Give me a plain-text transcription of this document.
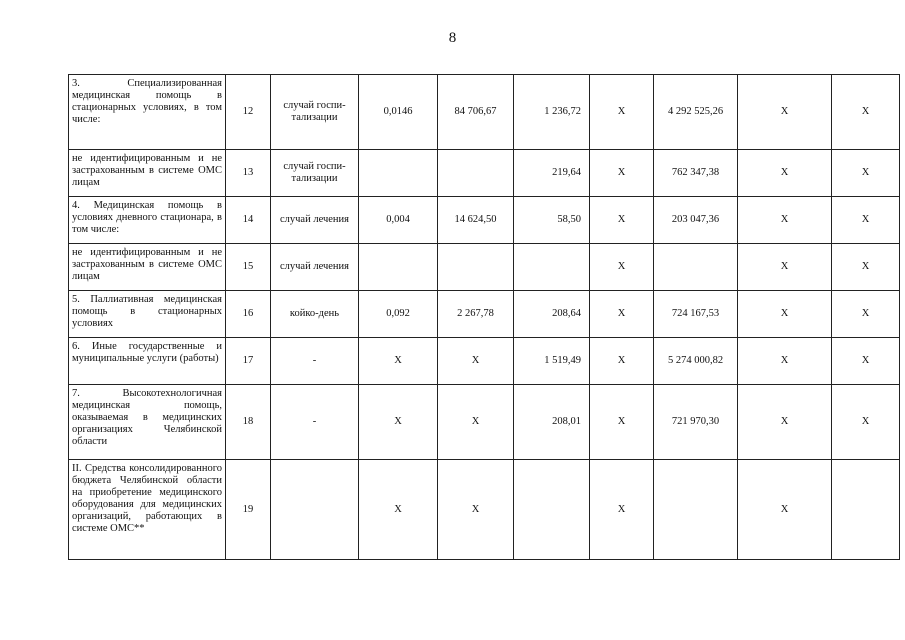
8
3. Специализированная медицинская помощь в стационарных условиях, в том числе:	12	случай госпи-тализации	0,0146	84 706,67	1 236,72	X	4 292 525,26	X	X
не идентифицированным и не застрахованным в системе ОМС лицам	13	случай госпи-тализации			219,64	X	762 347,38	X	X
4. Медицинская помощь в условиях дневного стационара, в том числе:	14	случай лечения	0,004	14 624,50	58,50	X	203 047,36	X	X
не идентифицированным и не застрахованным в системе ОМС лицам	15	случай лечения				X		X	X
5. Паллиативная медицинская помощь в стационарных условиях	16	койко-день	0,092	2 267,78	208,64	X	724 167,53	X	X
6. Иные государственные и муниципальные услуги (работы)	17	-	X	X	1 519,49	X	5 274 000,82	X	X
7. Высокотехнологичная медицинская помощь, оказываемая в медицинских организациях Челябинской области	18	-	X	X	208,01	X	721 970,30	X	X
II. Средства консолидированного бюджета Челябинской области на приобретение медицинского оборудования для медицинских организаций, работающих в системе ОМС**	19		X	X		X		X	
